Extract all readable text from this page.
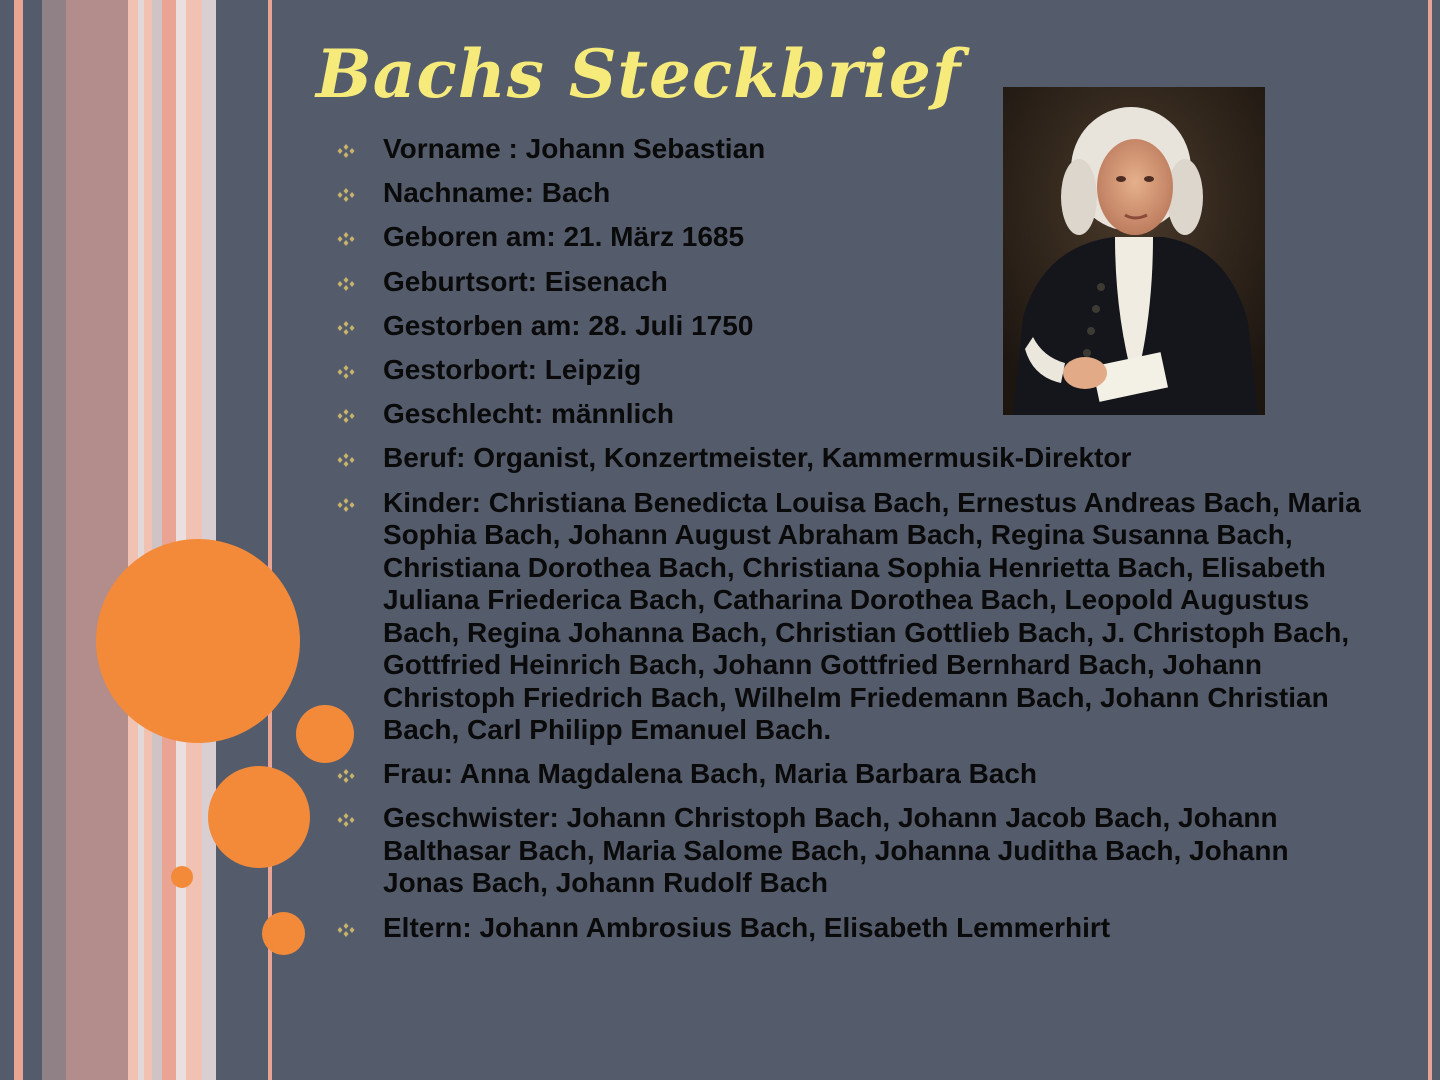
Bachs Steckbrief
Vorname : Johann Sebastian
Nachname: Bach
Geboren am: 21. März 1685
Geburtsort: Eisenach
Gestorben am: 28. Juli 1750
Gestorbort: Leipzig
Geschlecht: männlich
Beruf: Organist, Konzertmeister, Kammermusik-Direktor
Kinder: Christiana Benedicta Louisa Bach, Ernestus Andreas Bach, Maria Sophia Bach, Johann August Abraham Bach, Regina Susanna Bach, Christiana Dorothea Bach, Christiana Sophia Henrietta Bach, Elisabeth Juliana Friederica Bach, Catharina Dorothea Bach, Leopold Augustus Bach, Regina Johanna Bach, Christian Gottlieb Bach, J. Christoph Bach, Gottfried Heinrich Bach, Johann Gottfried Bernhard Bach, Johann Christoph Friedrich Bach, Wilhelm Friedemann Bach, Johann Christian Bach, Carl Philipp Emanuel Bach.
Frau: Anna Magdalena Bach, Maria Barbara Bach
Geschwister: Johann Christoph Bach, Johann Jacob Bach, Johann Balthasar Bach, Maria Salome Bach, Johanna Juditha Bach, Johann Jonas Bach, Johann Rudolf Bach
Eltern: Johann Ambrosius Bach, Elisabeth Lemmerhirt
